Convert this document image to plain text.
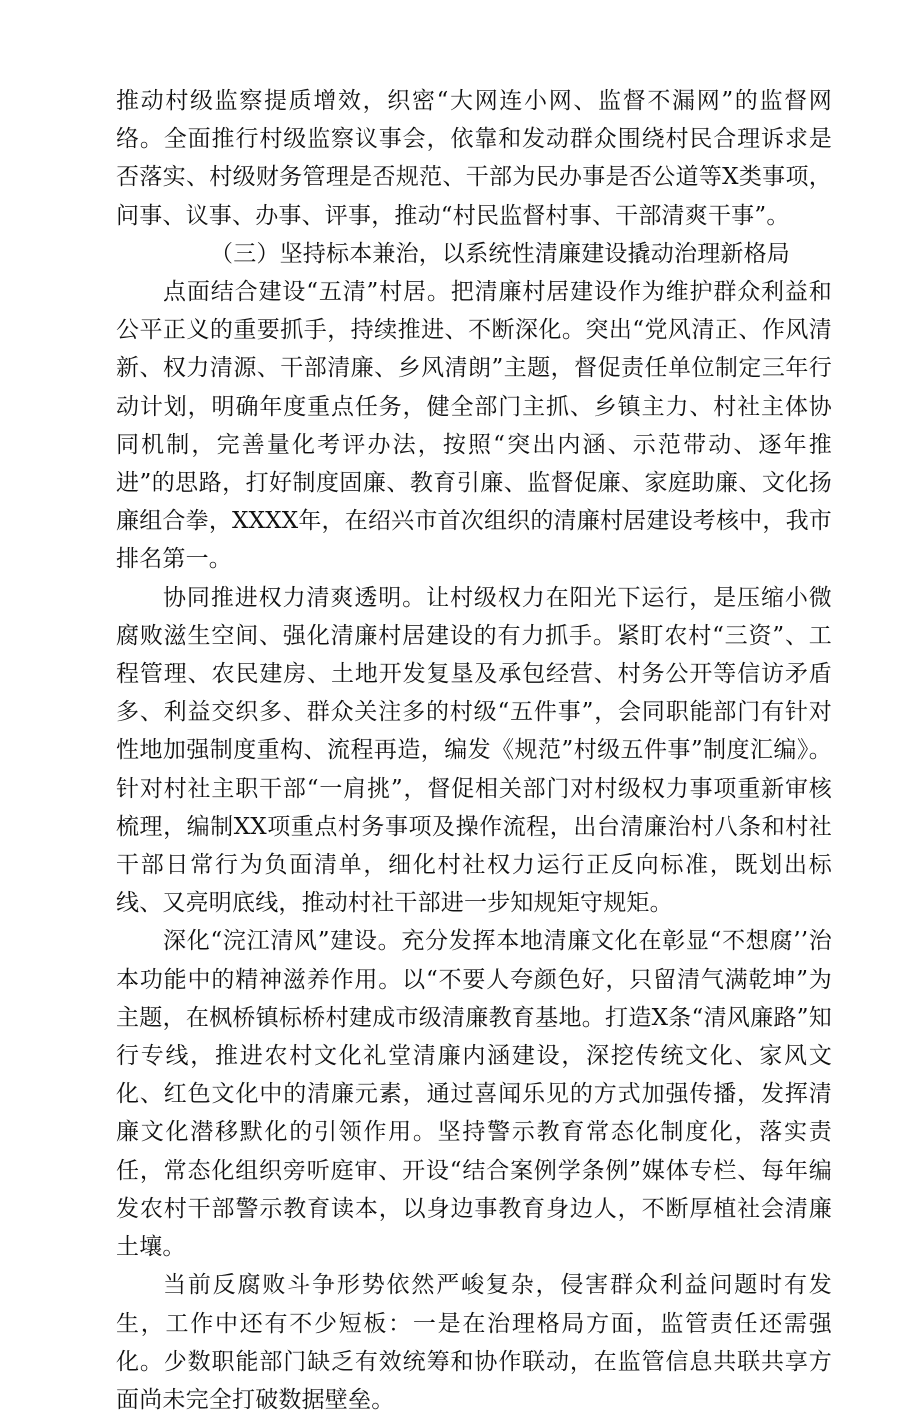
推动村级监察提质增效，织密“大网连小网、监督不漏网”的监督网络。全面推行村级监察议事会，依靠和发动群众围绕村民合理诉求是否落实、村级财务管理是否规范、干部为民办事是否公道等X类事项，问事、议事、办事、评事，推动“村民监督村事、干部清爽干事”。

（三）坚持标本兼治，以系统性清廉建设撬动治理新格局

点面结合建设“五清”村居。把清廉村居建设作为维护群众利益和公平正义的重要抓手，持续推进、不断深化。突出“党风清正、作风清新、权力清源、干部清廉、乡风清朗”主题，督促责任单位制定三年行动计划，明确年度重点任务，健全部门主抓、乡镇主力、村社主体协同机制，完善量化考评办法，按照“突出内涵、示范带动、逐年推进”的思路，打好制度固廉、教育引廉、监督促廉、家庭助廉、文化扬廉组合拳，XXXX年，在绍兴市首次组织的清廉村居建设考核中，我市排名第一。

协同推进权力清爽透明。让村级权力在阳光下运行，是压缩小微腐败滋生空间、强化清廉村居建设的有力抓手。紧盯农村“三资”、工程管理、农民建房、土地开发复垦及承包经营、村务公开等信访矛盾多、利益交织多、群众关注多的村级“五件事”，会同职能部门有针对性地加强制度重构、流程再造，编发《规范”村级五件事”制度汇编》。针对村社主职干部“一肩挑”，督促相关部门对村级权力事项重新审核梳理，编制XX项重点村务事项及操作流程，出台清廉治村八条和村社干部日常行为负面清单，细化村社权力运行正反向标准，既划出标线、又亮明底线，推动村社干部进一步知规矩守规矩。

深化“浣江清风”建设。充分发挥本地清廉文化在彰显“不想腐’’治本功能中的精神滋养作用。以“不要人夸颜色好，只留清气满乾坤”为主题，在枫桥镇标桥村建成市级清廉教育基地。打造X条“清风廉路”知行专线，推进农村文化礼堂清廉内涵建设，深挖传统文化、家风文化、红色文化中的清廉元素，通过喜闻乐见的方式加强传播，发挥清廉文化潜移默化的引领作用。坚持警示教育常态化制度化，落实责任，常态化组织旁听庭审、开设“结合案例学条例”媒体专栏、每年编发农村干部警示教育读本，以身边事教育身边人，不断厚植社会清廉土壤。

当前反腐败斗争形势依然严峻复杂，侵害群众利益问题时有发生，工作中还有不少短板：一是在治理格局方面，监管责任还需强化。少数职能部门缺乏有效统筹和协作联动，在监管信息共联共享方面尚未完全打破数据壁垒。
